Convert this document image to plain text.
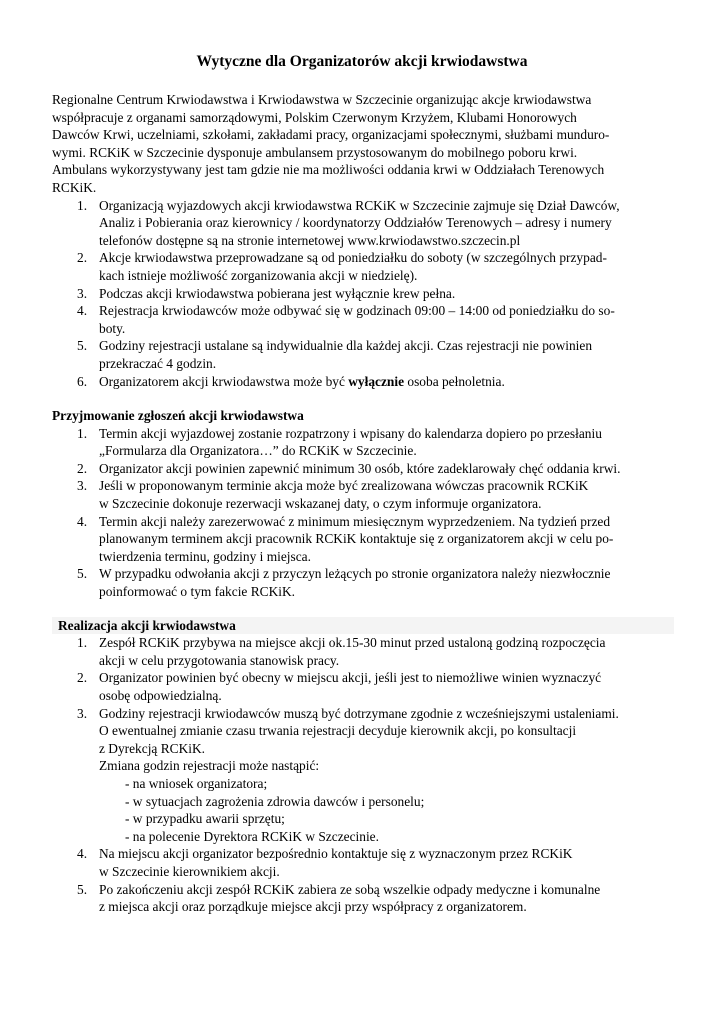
Wytyczne dla Organizatorów akcji krwiodawstwa
Regionalne Centrum Krwiodawstwa i Krwiodawstwa w Szczecinie organizując akcje krwiodawstwa
współpracuje z organami samorządowymi, Polskim Czerwonym Krzyżem, Klubami Honorowych
Dawców Krwi, uczelniami, szkołami, zakładami pracy, organizacjami społecznymi, służbami munduro-
wymi. RCKiK w Szczecinie dysponuje ambulansem przystosowanym do mobilnego poboru krwi.
Ambulans wykorzystywany jest tam gdzie nie ma możliwości oddania krwi w Oddziałach Terenowych
RCKiK.
1. Organizacją wyjazdowych akcji krwiodawstwa RCKiK w Szczecinie zajmuje się Dział Dawców,
Analiz i Pobierania oraz kierownicy / koordynatorzy Oddziałów Terenowych – adresy i numery
telefonów dostępne są na stronie internetowej www.krwiodawstwo.szczecin.pl
2. Akcje krwiodawstwa przeprowadzane są od poniedziałku do soboty (w szczególnych przypad-
kach istnieje możliwość zorganizowania akcji w niedzielę).
3. Podczas akcji krwiodawstwa pobierana jest wyłącznie krew pełna.
4. Rejestracja krwiodawców może odbywać się w godzinach 09:00 – 14:00 od poniedziałku do so-
boty.
5. Godziny rejestracji ustalane są indywidualnie dla każdej akcji. Czas rejestracji nie powinien
przekraczać 4 godzin.
6. Organizatorem akcji krwiodawstwa może być wyłącznie osoba pełnoletnia.
Przyjmowanie zgłoszeń akcji krwiodawstwa
1. Termin akcji wyjazdowej zostanie rozpatrzony i wpisany do kalendarza dopiero po przesłaniu
„Formularza dla Organizatora…” do RCKiK w Szczecinie.
2. Organizator akcji powinien zapewnić minimum 30 osób, które zadeklarowały chęć oddania krwi.
3. Jeśli w proponowanym terminie akcja może być zrealizowana wówczas pracownik RCKiK
w Szczecinie dokonuje rezerwacji wskazanej daty, o czym informuje organizatora.
4. Termin akcji należy zarezerwować z minimum miesięcznym wyprzedzeniem. Na tydzień przed
planowanym terminem akcji pracownik RCKiK kontaktuje się z organizatorem akcji w celu po-
twierdzenia terminu, godziny i miejsca.
5. W przypadku odwołania akcji z przyczyn leżących po stronie organizatora należy niezwłocznie
poinformować o tym fakcie RCKiK.
Realizacja akcji krwiodawstwa
1. Zespół RCKiK przybywa na miejsce akcji ok.15-30 minut przed ustaloną godziną rozpoczęcia
akcji w celu przygotowania stanowisk pracy.
2. Organizator powinien być obecny w miejscu akcji, jeśli jest to niemożliwe winien wyznaczyć
osobę odpowiedzialną.
3. Godziny rejestracji krwiodawców muszą być dotrzymane zgodnie z wcześniejszymi ustaleniami.
O ewentualnej zmianie czasu trwania rejestracji decyduje kierownik akcji, po konsultacji
z Dyrekcją RCKiK.
Zmiana godzin rejestracji może nastąpić:
- na wniosek organizatora;
- w sytuacjach zagrożenia zdrowia dawców i personelu;
- w przypadku awarii sprzętu;
- na polecenie Dyrektora RCKiK w Szczecinie.
4. Na miejscu akcji organizator bezpośrednio kontaktuje się z wyznaczonym przez RCKiK
w Szczecinie kierownikiem akcji.
5. Po zakończeniu akcji zespół RCKiK zabiera ze sobą wszelkie odpady medyczne i komunalne
z miejsca akcji oraz porządkuje miejsce akcji przy współpracy z organizatorem.
